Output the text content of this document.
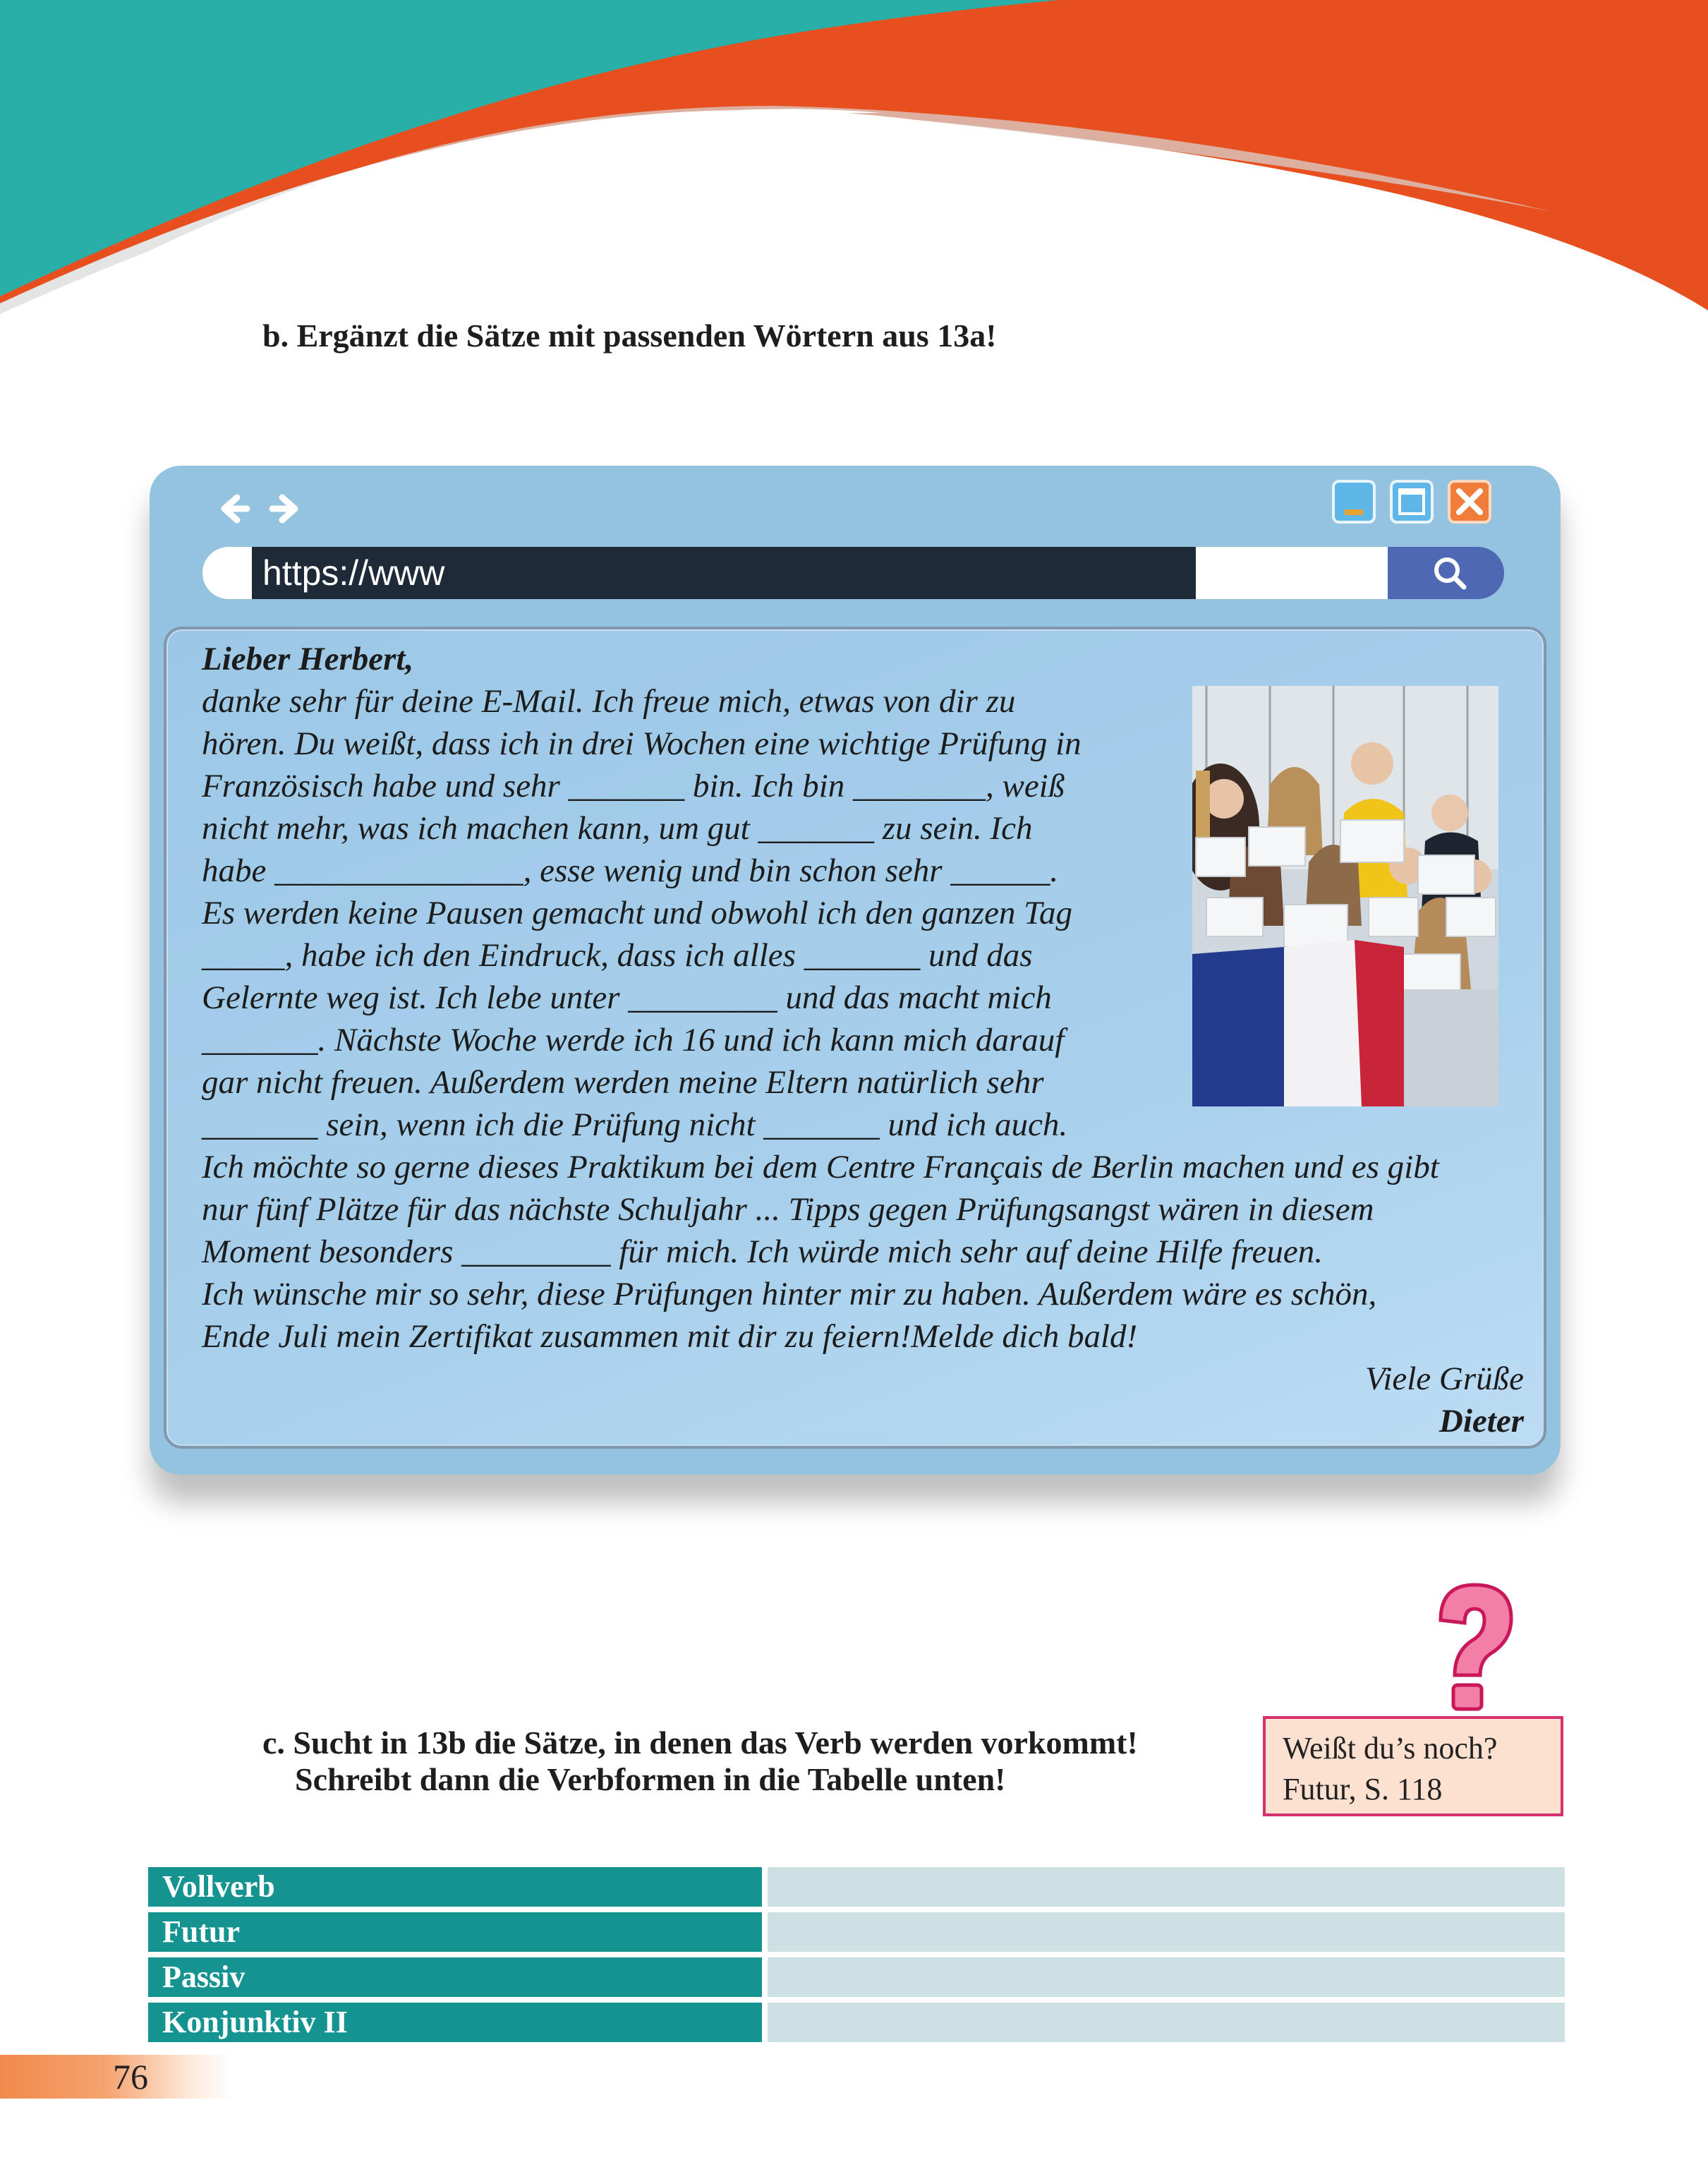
b. Ergänzt die Sätze mit passenden Wörtern aus 13a!
https://www
Lieber Herbert,
danke sehr für deine E-Mail. Ich freue mich, etwas von dir zu
hören. Du weißt, dass ich in drei Wochen eine wichtige Prüfung in
Französisch habe und sehr _______ bin. Ich bin ________, weiß
nicht mehr, was ich machen kann, um gut _______ zu sein. Ich
habe _______________, esse wenig und bin schon sehr ______.
Es werden keine Pausen gemacht und obwohl ich den ganzen Tag
_____, habe ich den Eindruck, dass ich alles _______ und das
Gelernte weg ist. Ich lebe unter _________ und das macht mich
_______. Nächste Woche werde ich 16 und ich kann mich darauf
gar nicht freuen. Außerdem werden meine Eltern natürlich sehr
_______ sein, wenn ich die Prüfung nicht _______ und ich auch.
Ich möchte so gerne dieses Praktikum bei dem Centre Français de Berlin machen und es gibt
nur fünf Plätze für das nächste Schuljahr ... Tipps gegen Prüfungsangst wären in diesem
Moment besonders _________ für mich. Ich würde mich sehr auf deine Hilfe freuen.
Ich wünsche mir so sehr, diese Prüfungen hinter mir zu haben. Außerdem wäre es schön,
Ende Juli mein Zertifikat zusammen mit dir zu feiern!Melde dich bald!
Viele Grüße
Dieter
c. Sucht in 13b die Sätze, in denen das Verb werden vorkommt!
Schreibt dann die Verbformen in die Tabelle unten!
Weißt du’s noch?
Futur, S. 118
Vollverb
Futur
Passiv
Konjunktiv II
76
